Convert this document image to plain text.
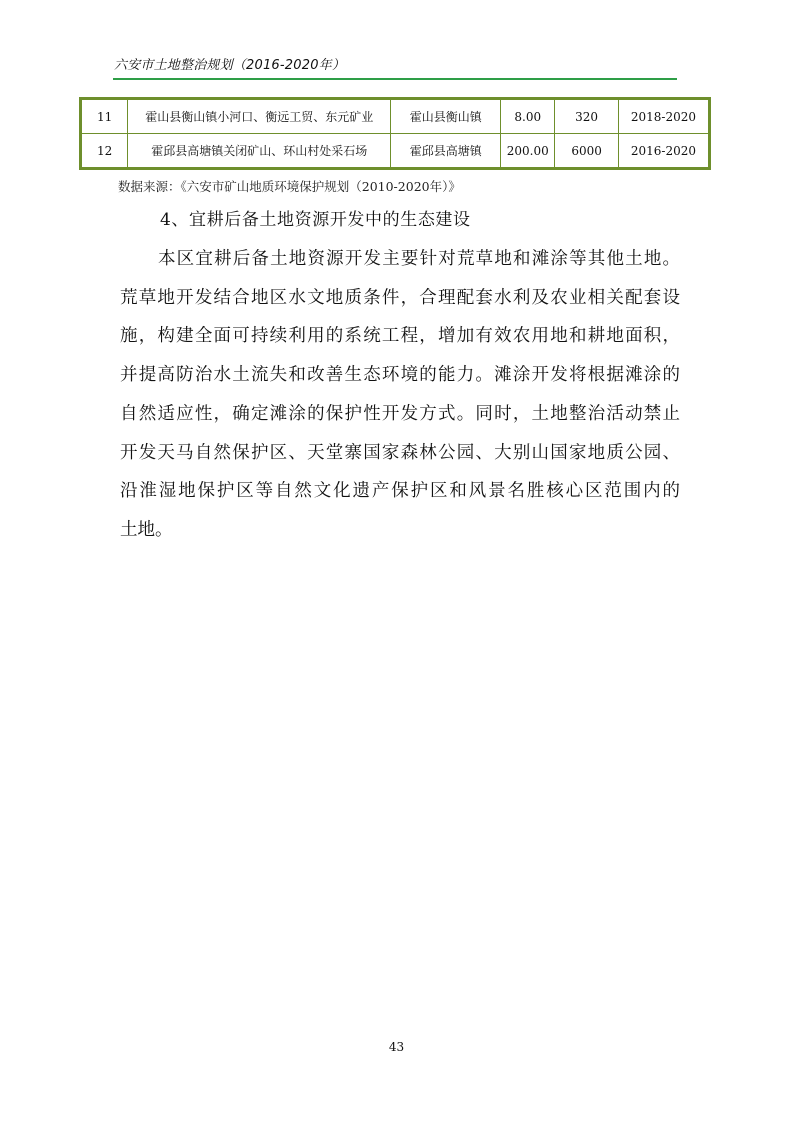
六安市土地整治规划（2016-2020年）
11	霍山县衡山镇小河口、衡远工贸、东元矿业	霍山县衡山镇	8.00	320	2018-2020
12	霍邱县高塘镇关闭矿山、环山村处采石场	霍邱县高塘镇	200.00	6000	2016-2020
数据来源：《六安市矿山地质环境保护规划（2010-2020年）》
4、宜耕后备土地资源开发中的生态建设
本区宜耕后备土地资源开发主要针对荒草地和滩涂等其他土地。
荒草地开发结合地区水文地质条件，合理配套水利及农业相关配套设
施，构建全面可持续利用的系统工程，增加有效农用地和耕地面积，
并提高防治水土流失和改善生态环境的能力。滩涂开发将根据滩涂的
自然适应性，确定滩涂的保护性开发方式。同时，土地整治活动禁止
开发天马自然保护区、天堂寨国家森林公园、大别山国家地质公园、
沿淮湿地保护区等自然文化遗产保护区和风景名胜核心区范围内的
土地。
43
